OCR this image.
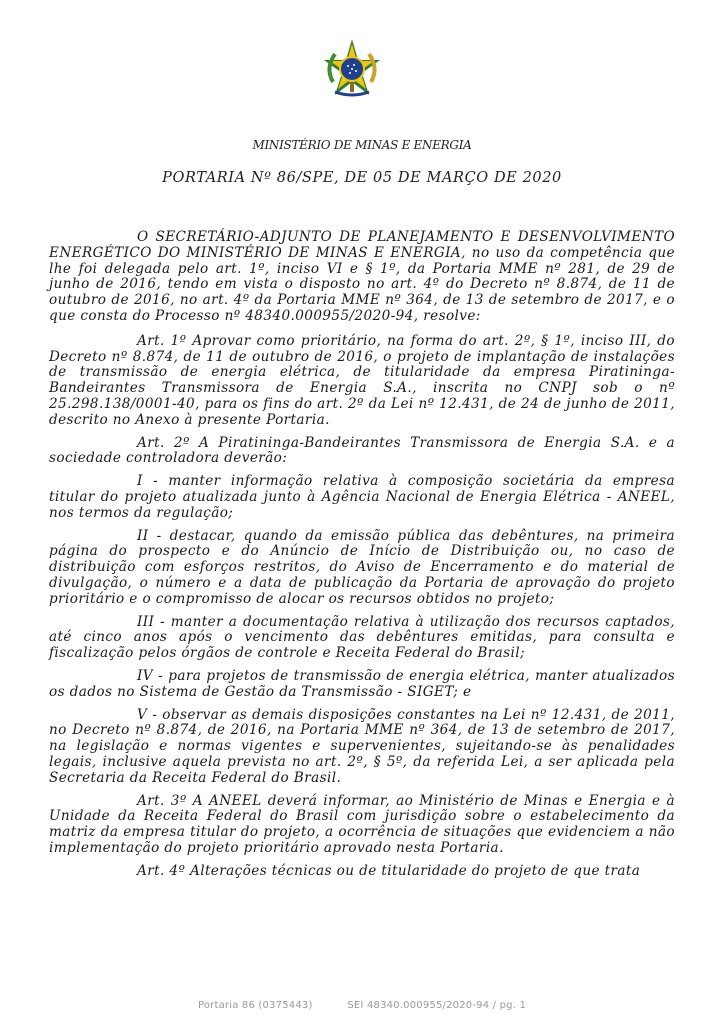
MINISTÉRIO DE MINAS E ENERGIA
PORTARIA Nº 86/SPE, DE 05 DE MARÇO DE 2020

O SECRETÁRIO-ADJUNTO DE PLANEJAMENTO E DESENVOLVIMENTO ENERGÉTICO DO MINISTÉRIO DE MINAS E ENERGIA, no uso da competência que lhe foi delegada pelo art. 1º, inciso VI e § 1º, da Portaria MME nº 281, de 29 de junho de 2016, tendo em vista o disposto no art. 4º do Decreto nº 8.874, de 11 de outubro de 2016, no art. 4º da Portaria MME nº 364, de 13 de setembro de 2017, e o que consta do Processo nº 48340.000955/2020-94, resolve:

Art. 1º Aprovar como prioritário, na forma do art. 2º, § 1º, inciso III, do Decreto nº 8.874, de 11 de outubro de 2016, o projeto de implantação de instalações de transmissão de energia elétrica, de titularidade da empresa Piratininga-Bandeirantes Transmissora de Energia S.A., inscrita no CNPJ sob o nº 25.298.138/0001-40, para os fins do art. 2º da Lei nº 12.431, de 24 de junho de 2011, descrito no Anexo à presente Portaria.

Art. 2º A Piratininga-Bandeirantes Transmissora de Energia S.A. e a sociedade controladora deverão:

I - manter informação relativa à composição societária da empresa titular do projeto atualizada junto à Agência Nacional de Energia Elétrica - ANEEL, nos termos da regulação;

II - destacar, quando da emissão pública das debêntures, na primeira página do prospecto e do Anúncio de Início de Distribuição ou, no caso de distribuição com esforços restritos, do Aviso de Encerramento e do material de divulgação, o número e a data de publicação da Portaria de aprovação do projeto prioritário e o compromisso de alocar os recursos obtidos no projeto;

III - manter a documentação relativa à utilização dos recursos captados, até cinco anos após o vencimento das debêntures emitidas, para consulta e fiscalização pelos órgãos de controle e Receita Federal do Brasil;

IV - para projetos de transmissão de energia elétrica, manter atualizados os dados no Sistema de Gestão da Transmissão - SIGET; e

V - observar as demais disposições constantes na Lei nº 12.431, de 2011, no Decreto nº 8.874, de 2016, na Portaria MME nº 364, de 13 de setembro de 2017, na legislação e normas vigentes e supervenientes, sujeitando-se às penalidades legais, inclusive aquela prevista no art. 2º, § 5º, da referida Lei, a ser aplicada pela Secretaria da Receita Federal do Brasil.

Art. 3º A ANEEL deverá informar, ao Ministério de Minas e Energia e à Unidade da Receita Federal do Brasil com jurisdição sobre o estabelecimento da matriz da empresa titular do projeto, a ocorrência de situações que evidenciem a não implementação do projeto prioritário aprovado nesta Portaria.

Art. 4º Alterações técnicas ou de titularidade do projeto de que trata

Portaria 86 (0375443)	SEI 48340.000955/2020-94 / pg. 1
